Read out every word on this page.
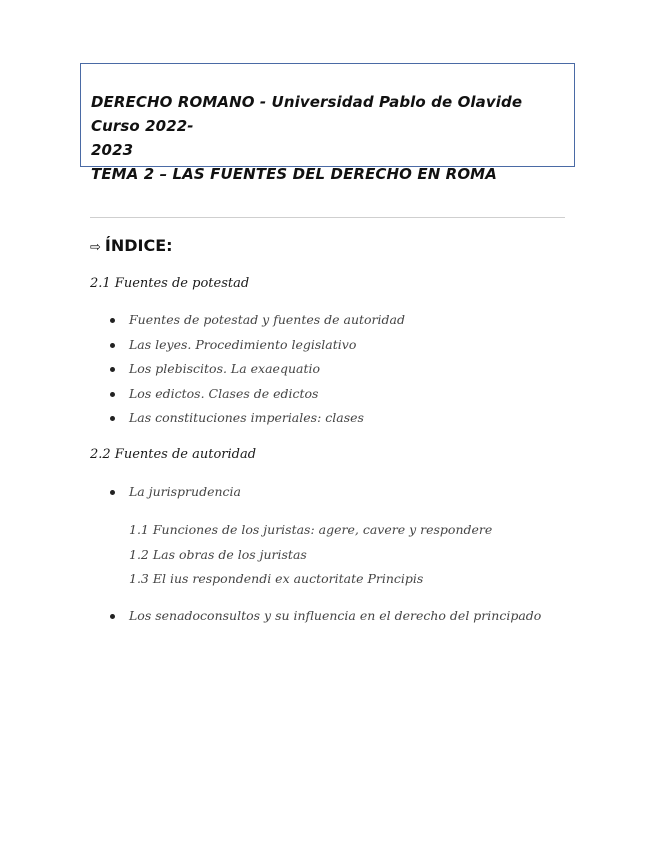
DERECHO ROMANO - Universidad Pablo de Olavide Curso 2022-
2023
TEMA 2 – LAS FUENTES DEL DERECHO EN ROMA
⇨ ÍNDICE:
2.1 Fuentes de potestad
Fuentes de potestad y fuentes de autoridad
Las leyes. Procedimiento legislativo
Los plebiscitos. La exaequatio
Los edictos. Clases de edictos
Las constituciones imperiales: clases
2.2 Fuentes de autoridad
La jurisprudencia
1.1 Funciones de los juristas: agere, cavere y respondere
1.2 Las obras de los juristas
1.3 El ius respondendi ex auctoritate Principis
Los senadoconsultos y su influencia en el derecho del principado
